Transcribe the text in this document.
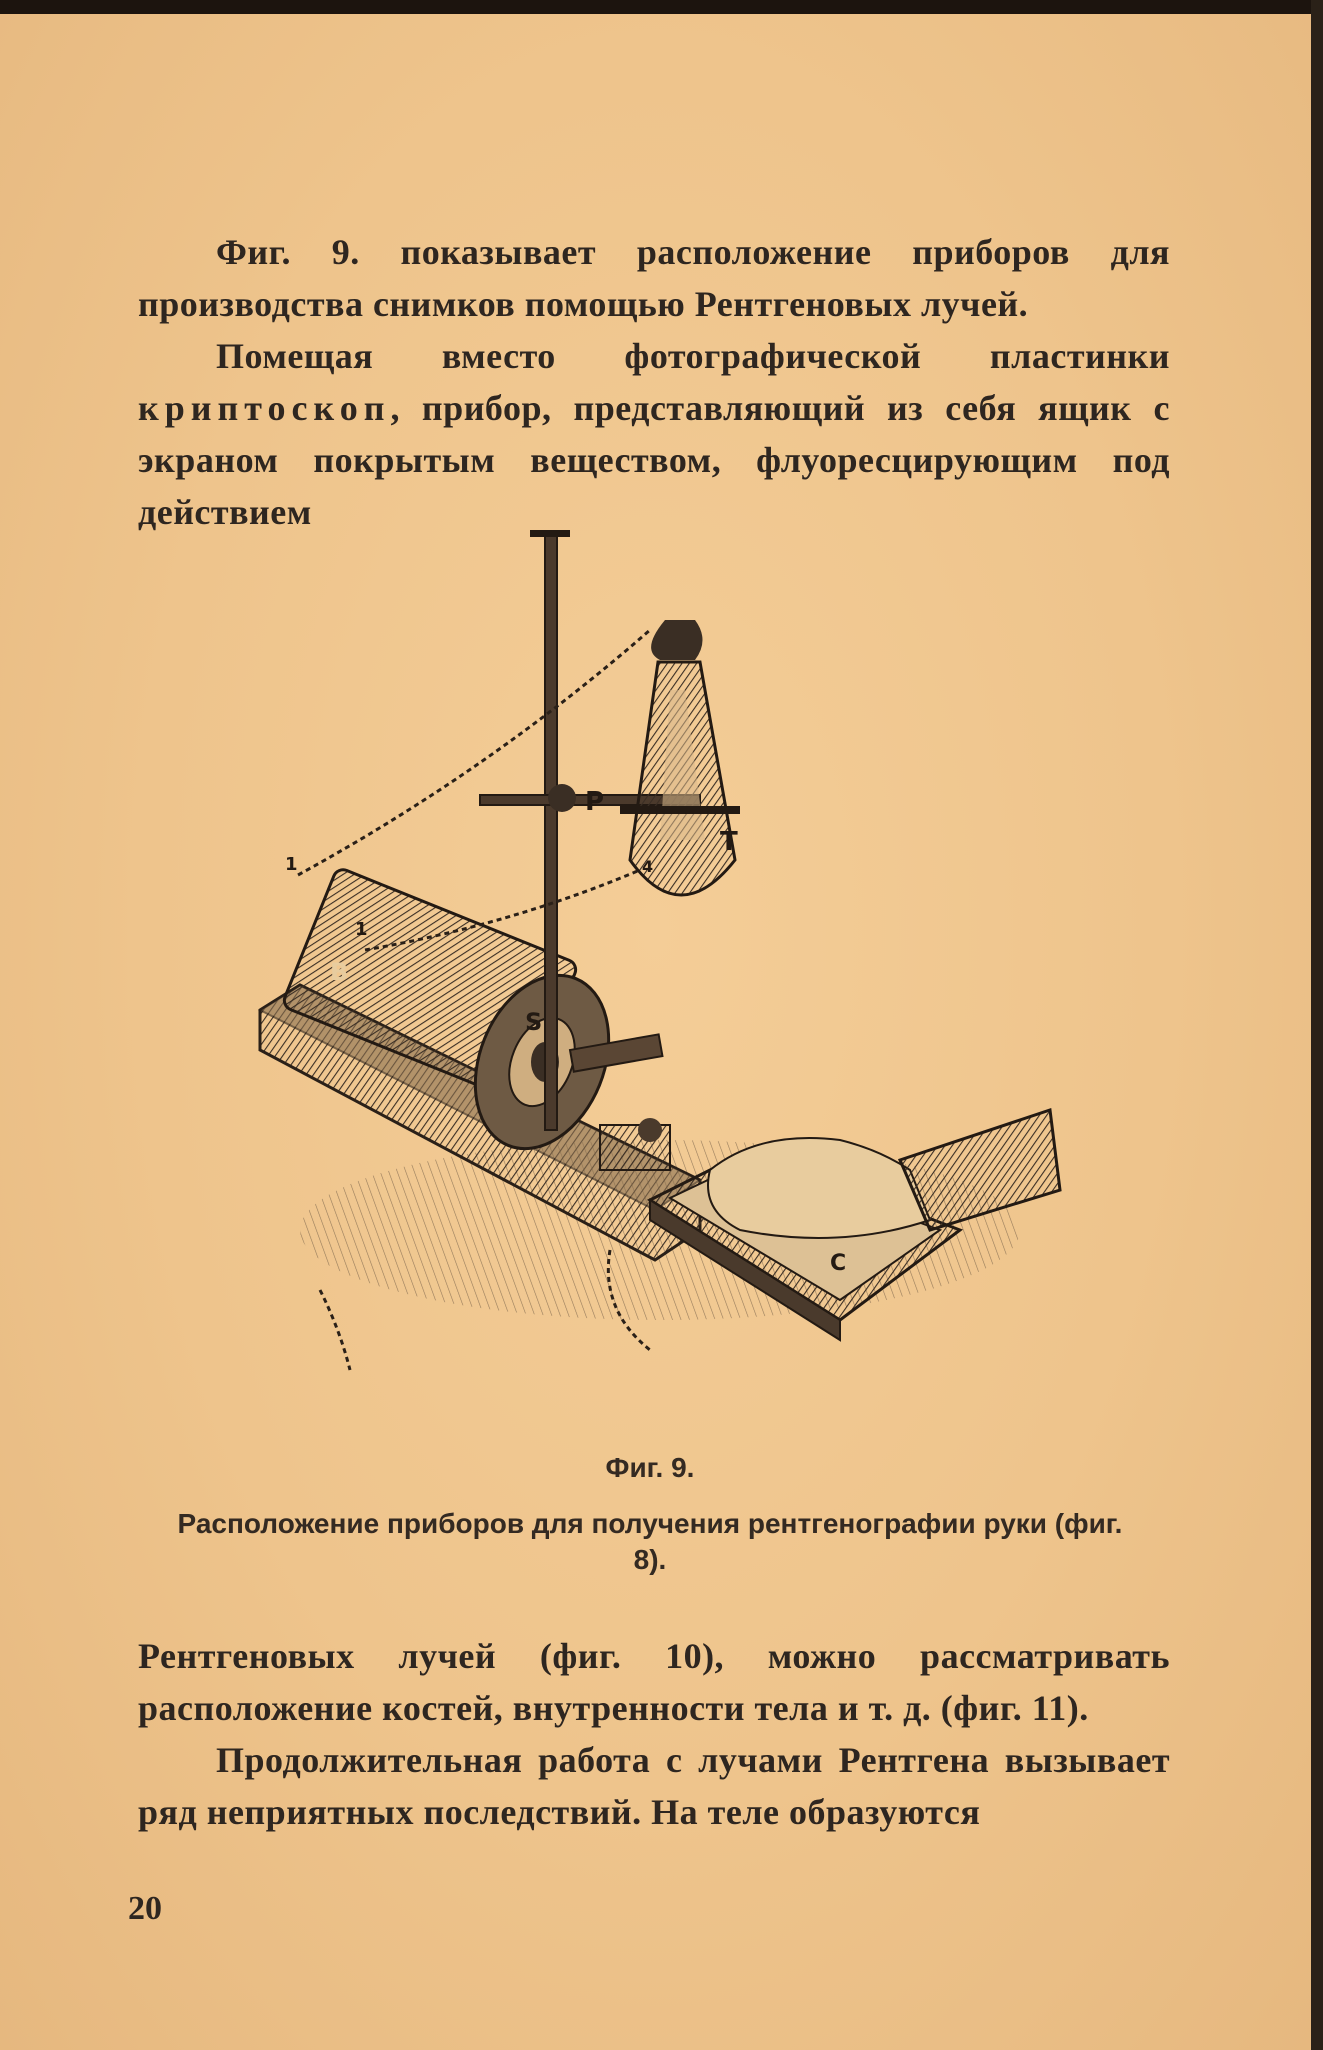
Фиг. 9. показывает расположение приборов для производства снимков помощью Рентгеновых лучей.

Помещая вместо фотографической пластинки криптоскоп, прибор, представляющий из себя ящик с экраном покрытым веществом, флуоресцирующим под действием

P
T
B
S
C
1
1
4

Фиг. 9.

Расположение приборов для получения рентгенографии руки (фиг. 8).

Рентгеновых лучей (фиг. 10), можно рассматривать расположение костей, внутренности тела и т. д. (фиг. 11).

Продолжительная работа с лучами Рентгена вызывает ряд неприятных последствий. На теле образуются

20
